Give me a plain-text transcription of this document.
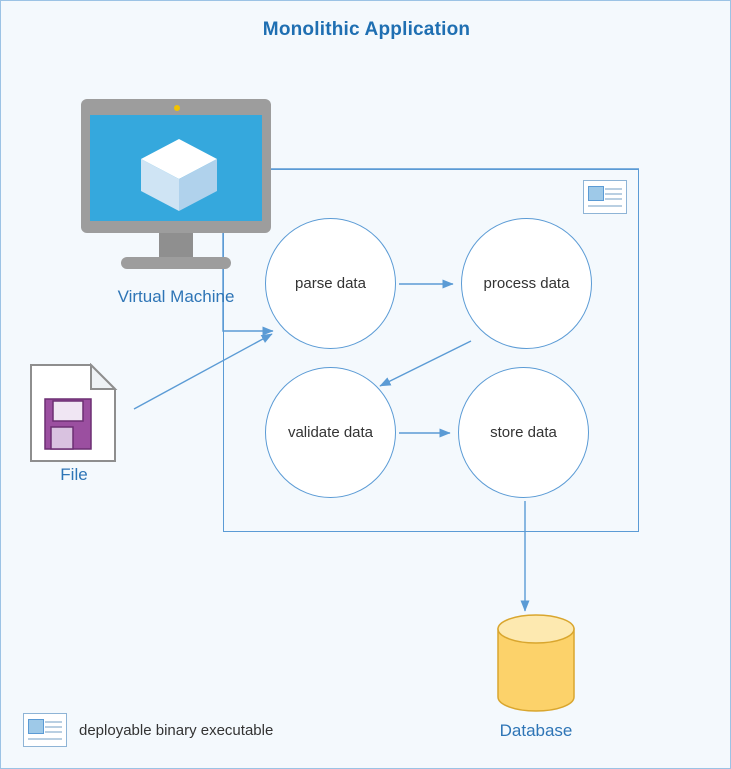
Monolithic Application
parse data	process data
validate data	store data
Virtual Machine
File
Database
deployable binary executable
